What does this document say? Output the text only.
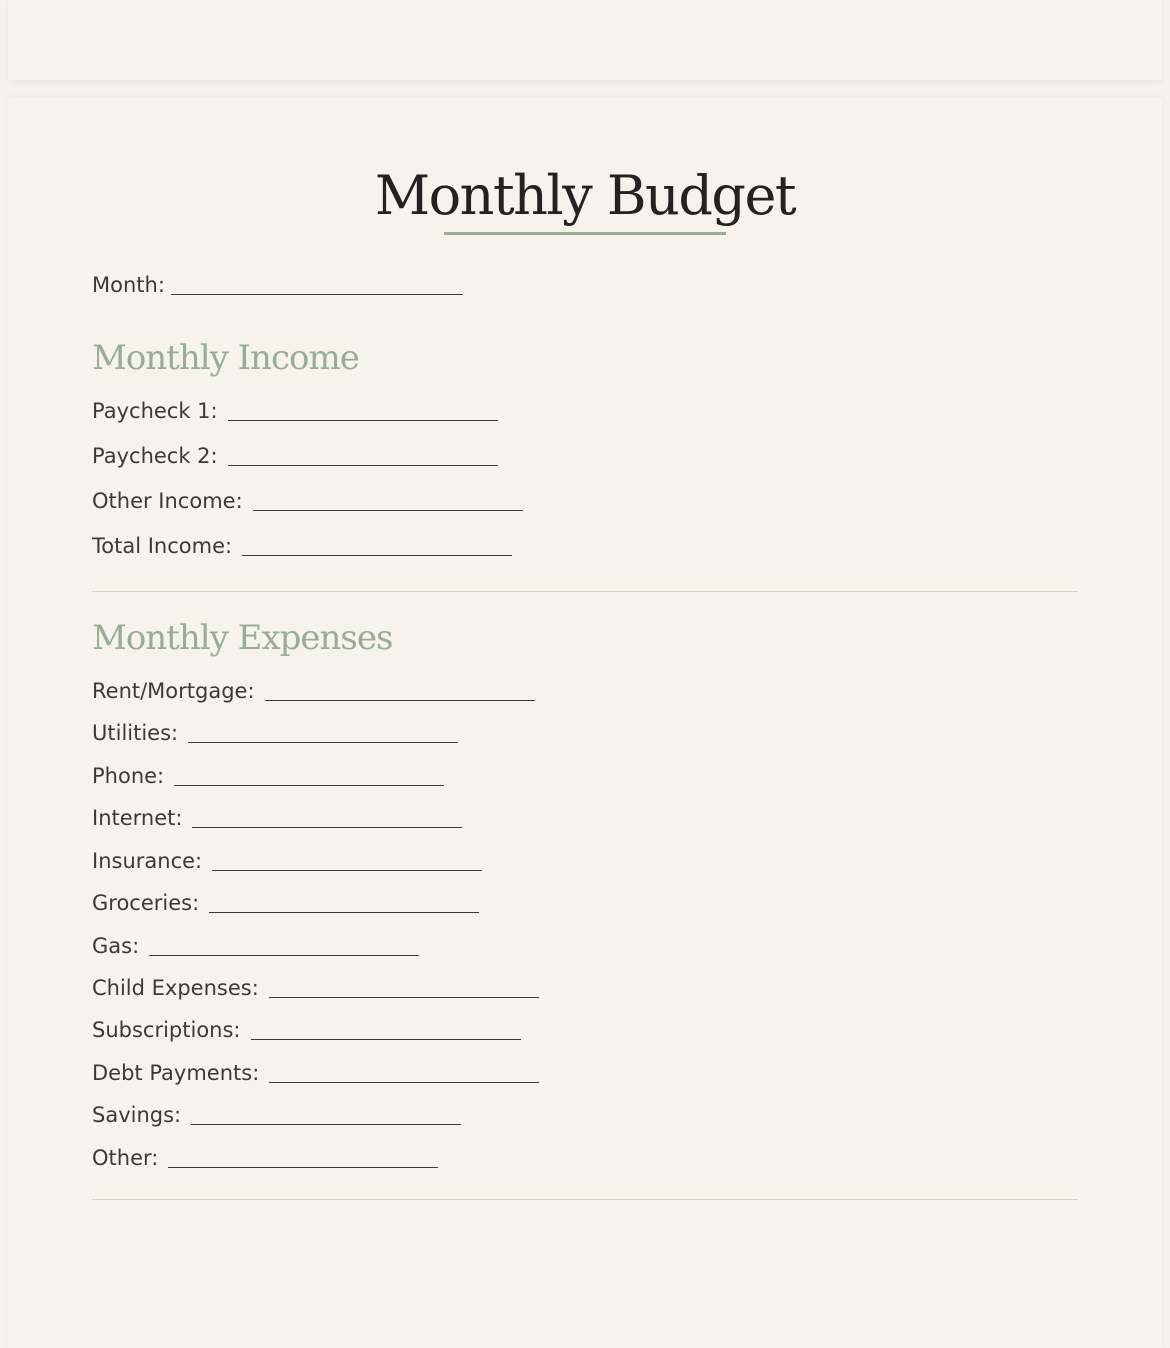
Monthly Budget
Month:
Monthly Income
Paycheck 1:
Paycheck 2:
Other Income:
Total Income:
Monthly Expenses
Rent/Mortgage:
Utilities:
Phone:
Internet:
Insurance:
Groceries:
Gas:
Child Expenses:
Subscriptions:
Debt Payments:
Savings:
Other:
